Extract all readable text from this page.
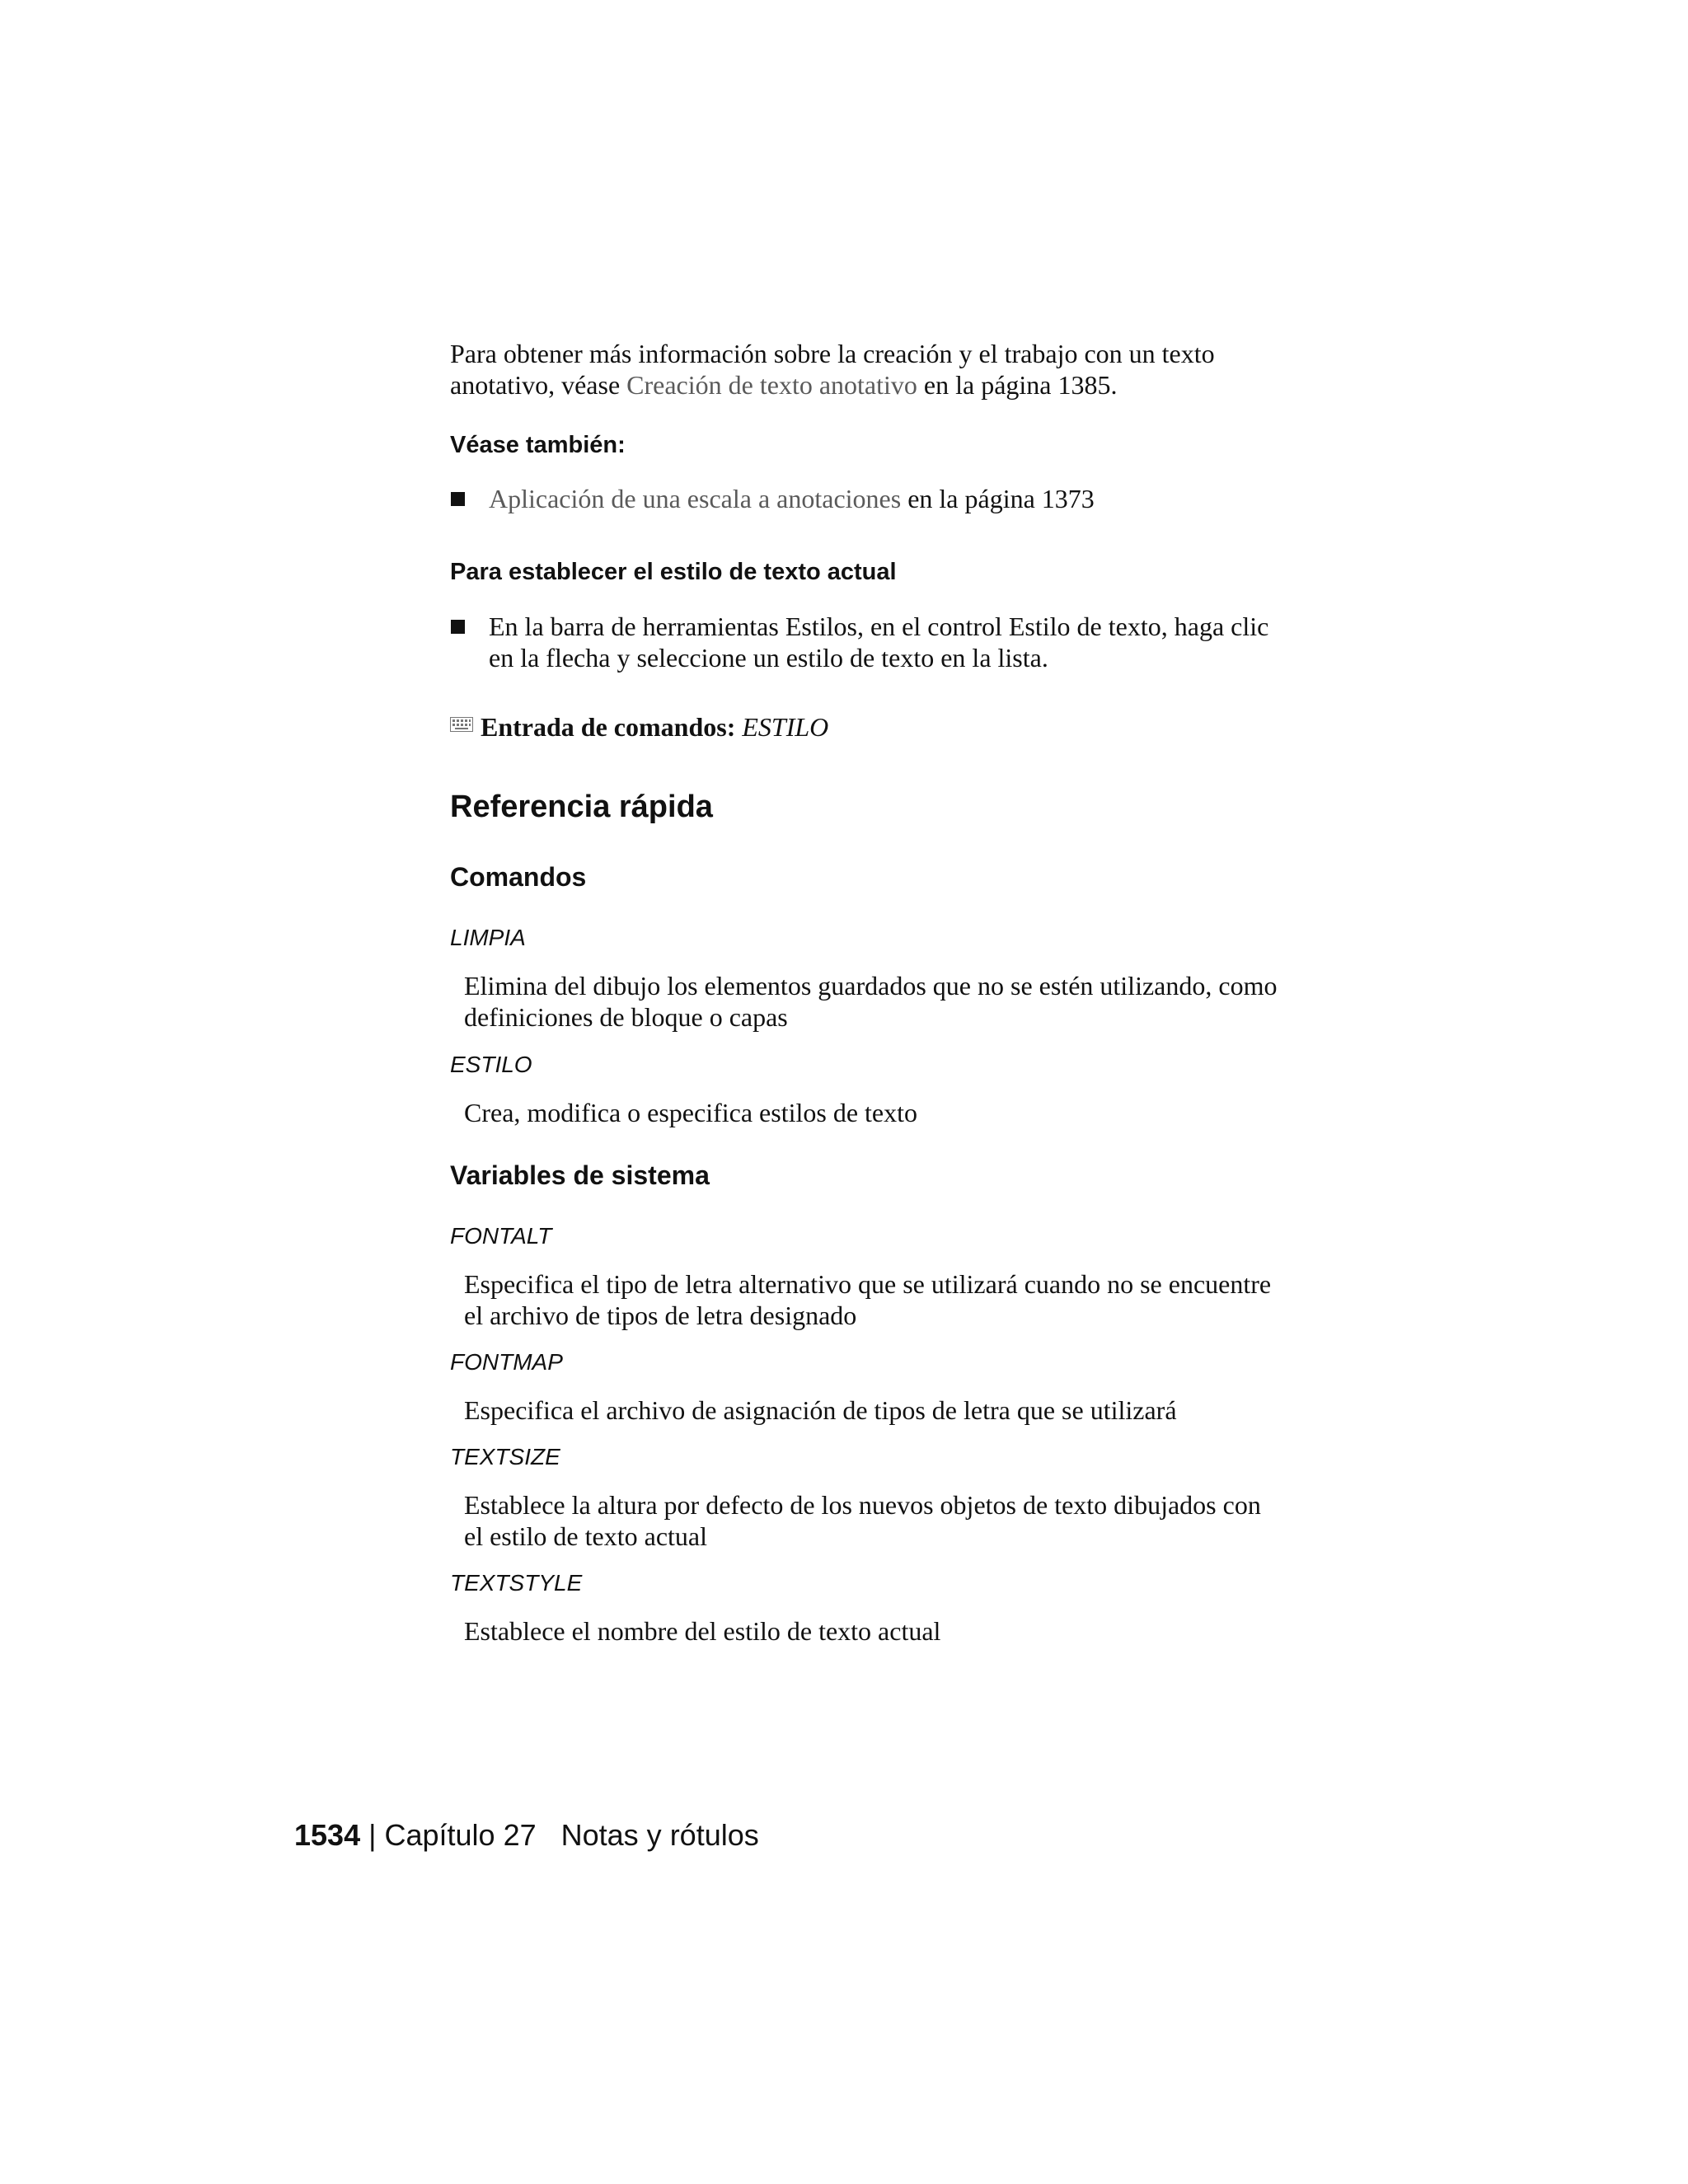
Para obtener más información sobre la creación y el trabajo con un texto
anotativo, véase Creación de texto anotativo en la página 1385.

Véase también:
Aplicación de una escala a anotaciones en la página 1373
Para establecer el estilo de texto actual

En la barra de herramientas Estilos, en el control Estilo de texto, haga clic
en la flecha y seleccione un estilo de texto en la lista.

Entrada de comandos: ESTILO
Referencia rápida
Comandos
LIMPIA

Elimina del dibujo los elementos guardados que no se estén utilizando, como
definiciones de bloque o capas

ESTILO

Crea, modifica o especifica estilos de texto

Variables de sistema
FONTALT

Especifica el tipo de letra alternativo que se utilizará cuando no se encuentre
el archivo de tipos de letra designado

FONTMAP

Especifica el archivo de asignación de tipos de letra que se utilizará

TEXTSIZE

Establece la altura por defecto de los nuevos objetos de texto dibujados con
el estilo de texto actual

TEXTSTYLE

Establece el nombre del estilo de texto actual

1534 | Capítulo 27 Notas y rótulos
